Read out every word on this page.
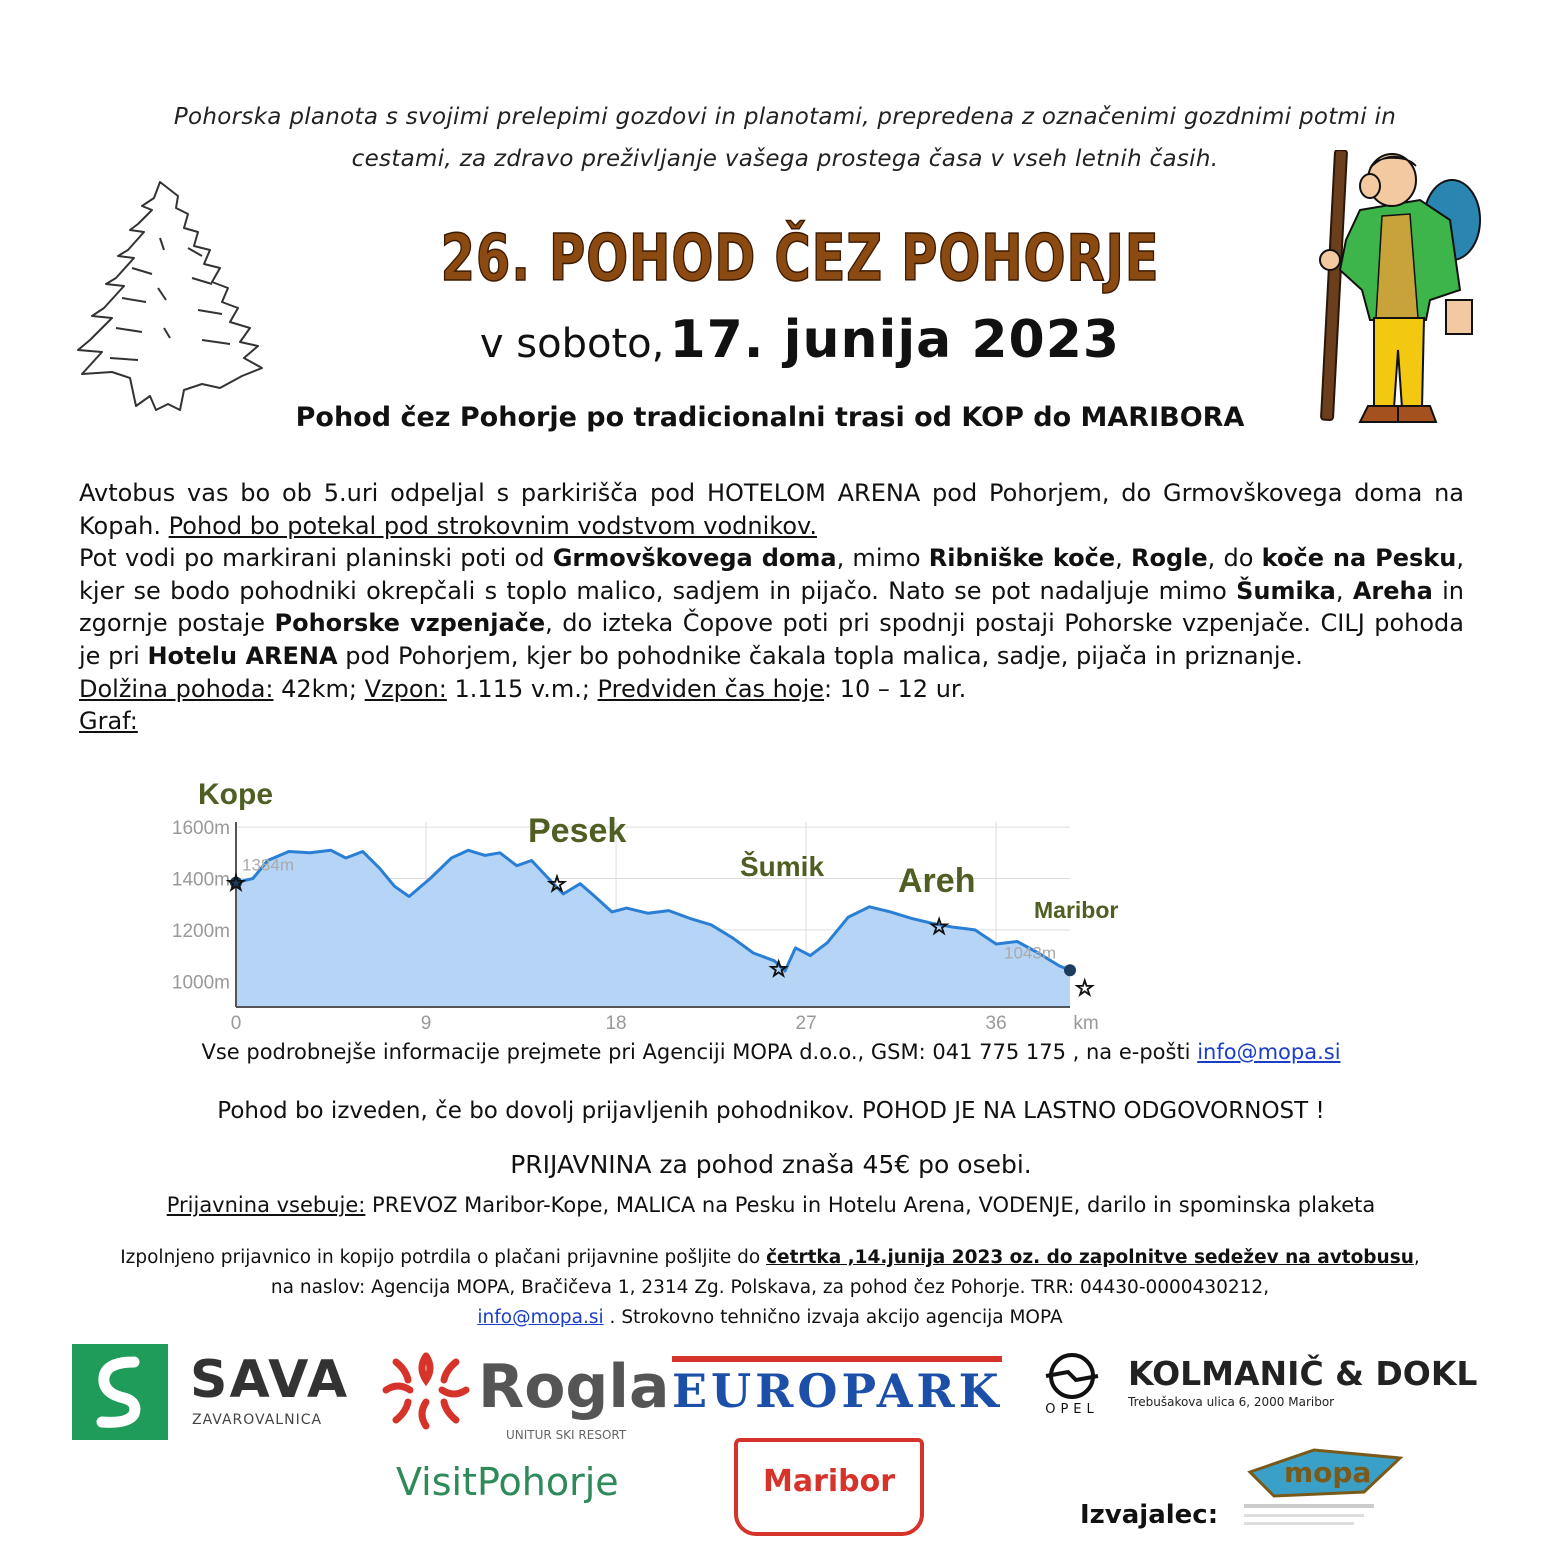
Pohorska planota s svojimi prelepimi gozdovi in planotami, prepredena z označenimi gozdnimi potmi in
cestami, za zdravo preživljanje vašega prostega časa v vseh letnih časih.
26. POHOD ČEZ POHORJE
v soboto, 17. junija 2023
Pohod čez Pohorje po tradicionalni trasi od KOP do MARIBORA

Avtobus vas bo ob 5.uri odpeljal s parkirišča pod HOTELOM ARENA pod Pohorjem, do Grmovškovega doma na Kopah. Pohod bo potekal pod strokovnim vodstvom vodnikov.

Pot vodi po markirani planinski poti od Grmovškovega doma, mimo Ribniške koče, Rogle, do koče na Pesku, kjer se bodo pohodniki okrepčali s toplo malico, sadjem in pijačo. Nato se pot nadaljuje mimo Šumika, Areha in zgornje postaje Pohorske vzpenjače, do izteka Čopove poti pri spodnji postaji Pohorske vzpenjače. CILJ pohoda je pri Hotelu ARENA pod Pohorjem, kjer bo pohodnike čakala topla malica, sadje, pijača in priznanje.

Dolžina pohoda: 42km; Vzpon: 1.115 v.m.; Predviden čas hoje: 10 – 12 ur.

Graf:

1600m
1400m
1200m
1000m
0	9	18	27	36	km
1384m
1043m
Kope
☆
Pesek
☆
Šumik
☆
Areh
☆
Maribor
☆
Vse podrobnejše informacije prejmete pri Agenciji MOPA d.o.o., GSM: 041 775 175 , na e-pošti info@mopa.si
Pohod bo izveden, če bo dovolj prijavljenih pohodnikov. POHOD JE NA LASTNO ODGOVORNOST !
PRIJAVNINA za pohod znaša 45€ po osebi.
Prijavnina vsebuje: PREVOZ Maribor-Kope, MALICA na Pesku in Hotelu Arena, VODENJE, darilo in spominska plaketa
Izpolnjeno prijavnico in kopijo potrdila o plačani prijavnine pošljite do četrtka ,14.junija 2023 oz. do zapolnitve sedežev na avtobusu,
na naslov: Agencija MOPA, Bračičeva 1, 2314 Zg. Polskava, za pohod čez Pohorje. TRR: 04430-0000430212,
info@mopa.si . Strokovno tehnično izvaja akcijo agencija MOPA
SAVA
ZAVAROVALNICA	Rogla
UNITUR SKI RESORT
EUROPARK	OPEL
KOLMANIČ & DOKL
Trebušakova ulica 6, 2000 Maribor
VisitPohorje	Maribor
Izvajalec:
mopa
